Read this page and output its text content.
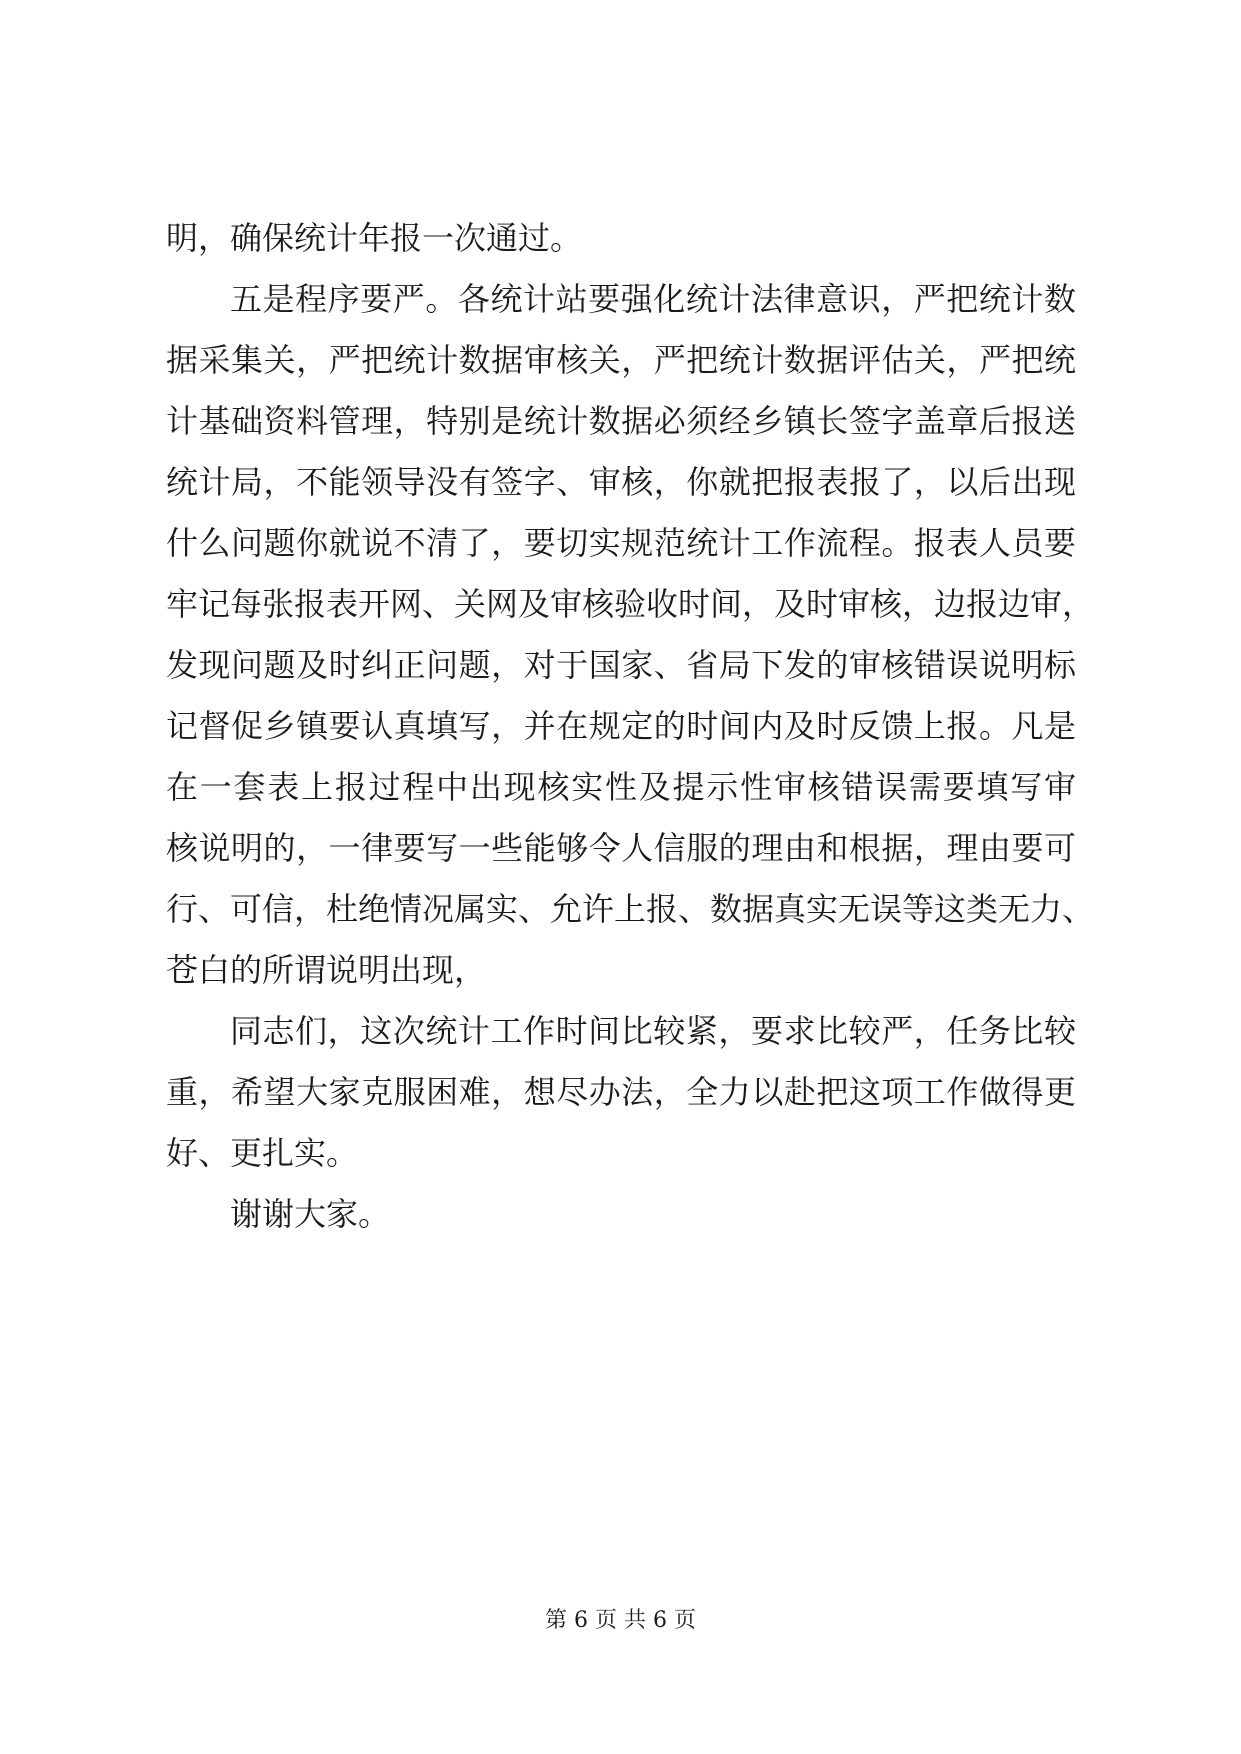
明，确保统计年报一次通过。
五是程序要严。各统计站要强化统计法律意识，严把统计数
据采集关，严把统计数据审核关，严把统计数据评估关，严把统
计基础资料管理，特别是统计数据必须经乡镇长签字盖章后报送
统计局，不能领导没有签字、审核，你就把报表报了，以后出现
什么问题你就说不清了，要切实规范统计工作流程。报表人员要
牢记每张报表开网、关网及审核验收时间，及时审核，边报边审，
发现问题及时纠正问题，对于国家、省局下发的审核错误说明标
记督促乡镇要认真填写，并在规定的时间内及时反馈上报。凡是
在一套表上报过程中出现核实性及提示性审核错误需要填写审
核说明的，一律要写一些能够令人信服的理由和根据，理由要可
行、可信，杜绝情况属实、允许上报、数据真实无误等这类无力、
苍白的所谓说明出现，
同志们，这次统计工作时间比较紧，要求比较严，任务比较
重，希望大家克服困难，想尽办法，全力以赴把这项工作做得更
好、更扎实。
谢谢大家。
第 6 页 共 6 页
